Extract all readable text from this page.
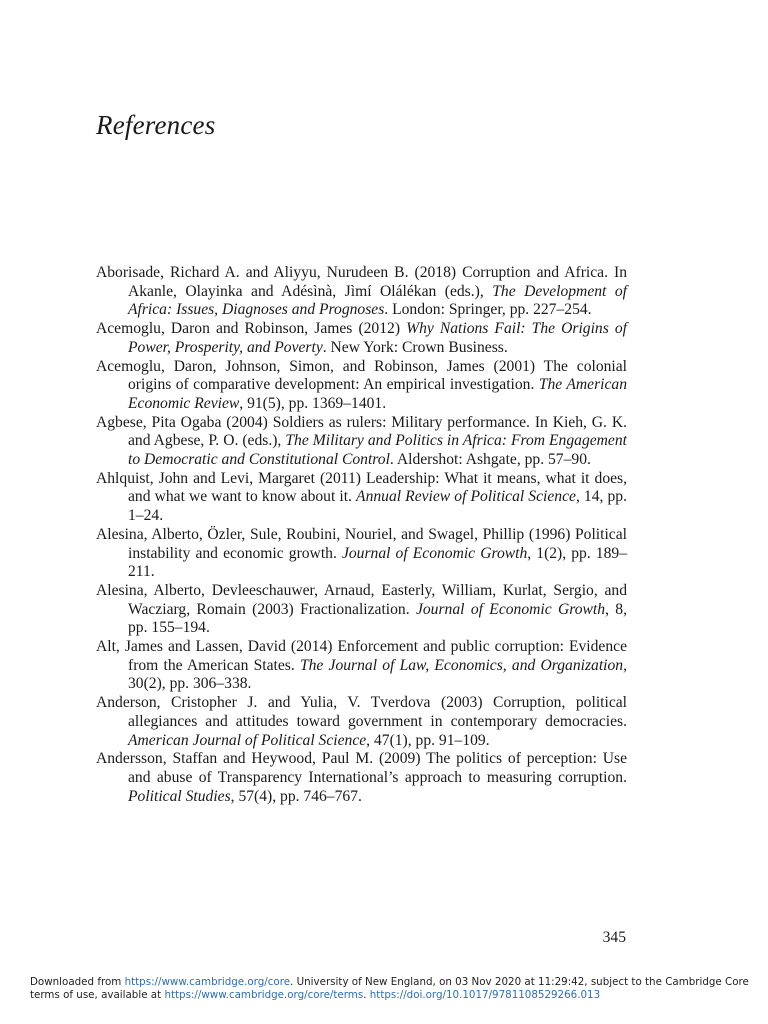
References

Aborisade, Richard A. and Aliyyu, Nurudeen B. (2018) Corruption and Africa. In Akanle, Olayinka and Adésìnà, Jìmí Olálékan (eds.), The Development of Africa: Issues, Diagnoses and Prognoses. London: Springer, pp. 227–254.

Acemoglu, Daron and Robinson, James (2012) Why Nations Fail: The Origins of Power, Prosperity, and Poverty. New York: Crown Business.

Acemoglu, Daron, Johnson, Simon, and Robinson, James (2001) The colonial origins of comparative development: An empirical investigation. The American Economic Review, 91(5), pp. 1369–1401.

Agbese, Pita Ogaba (2004) Soldiers as rulers: Military performance. In Kieh, G. K. and Agbese, P. O. (eds.), The Military and Politics in Africa: From Engagement to Democratic and Constitutional Control. Aldershot: Ashgate, pp. 57–90.

Ahlquist, John and Levi, Margaret (2011) Leadership: What it means, what it does, and what we want to know about it. Annual Review of Political Science, 14, pp. 1–24.

Alesina, Alberto, Özler, Sule, Roubini, Nouriel, and Swagel, Phillip (1996) Political instability and economic growth. Journal of Economic Growth, 1(2), pp. 189–211.

Alesina, Alberto, Devleeschauwer, Arnaud, Easterly, William, Kurlat, Sergio, and Wacziarg, Romain (2003) Fractionalization. Journal of Economic Growth, 8, pp. 155–194.

Alt, James and Lassen, David (2014) Enforcement and public corruption: Evidence from the American States. The Journal of Law, Economics, and Organization, 30(2), pp. 306–338.

Anderson, Cristopher J. and Yulia, V. Tverdova (2003) Corruption, political allegiances and attitudes toward government in contemporary democracies. American Journal of Political Science, 47(1), pp. 91–109.

Andersson, Staffan and Heywood, Paul M. (2009) The politics of perception: Use and abuse of Transparency International’s approach to measuring corruption. Political Studies, 57(4), pp. 746–767.

345
Downloaded from https://www.cambridge.org/core. University of New England, on 03 Nov 2020 at 11:29:42, subject to the Cambridge Core
terms of use, available at https://www.cambridge.org/core/terms. https://doi.org/10.1017/9781108529266.013
